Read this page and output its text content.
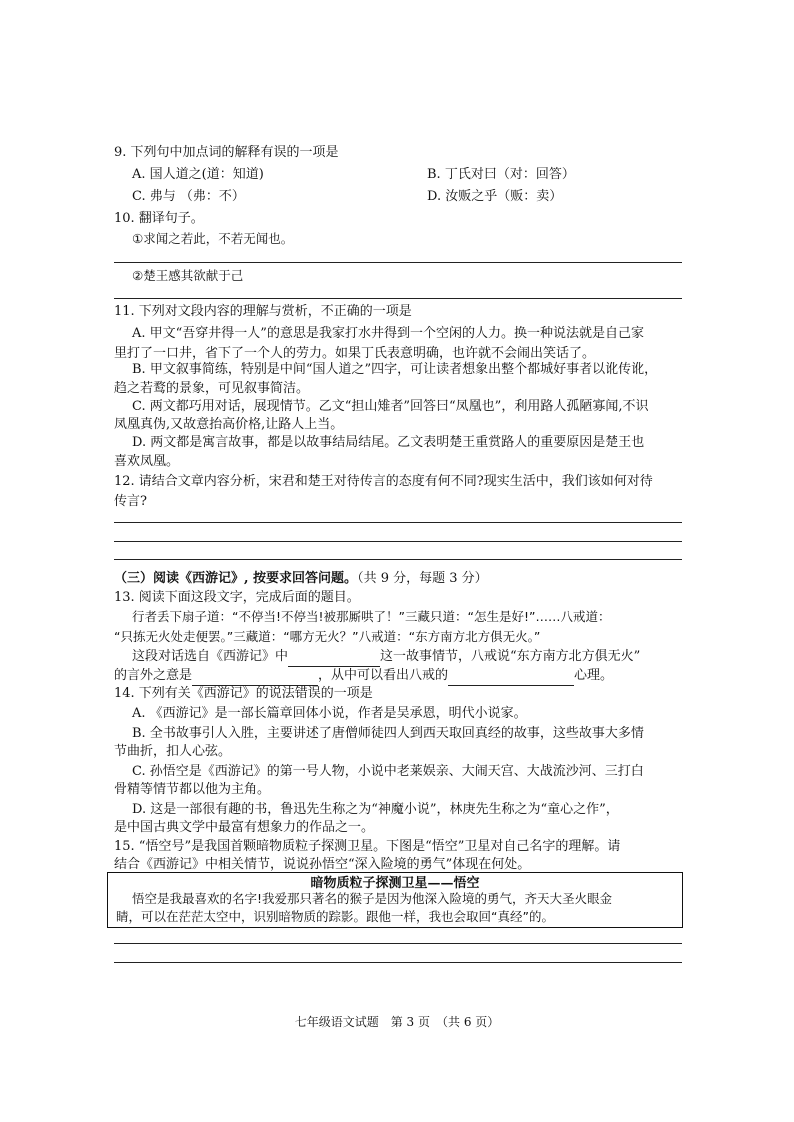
9. 下列句中加点词的解释有误的一项是
A. 国人道之(道：知道)	B. 丁氏对曰（对：回答）
C. 弗与 （弗：不）	D. 汝贩之乎（贩：卖）
10. 翻译句子。
①求闻之若此，不若无闻也。
②楚王感其欲献于己
11. 下列对文段内容的理解与赏析，不正确的一项是
A. 甲文“吾穿井得一人”的意思是我家打水井得到一个空闲的人力。换一种说法就是自己家
里打了一口井，省下了一个人的劳力。如果丁氏表意明确，也许就不会闹出笑话了。
B. 甲文叙事简练，特别是中间“国人道之”四字，可让读者想象出整个都城好事者以讹传讹，
趋之若鹜的景象，可见叙事简洁。
C. 两文都巧用对话，展现情节。乙文“担山雉者”回答曰“凤凰也”，利用路人孤陋寡闻,不识
凤凰真伪,又故意抬高价格,让路人上当。
D. 两文都是寓言故事，都是以故事结局结尾。乙文表明楚王重赏路人的重要原因是楚王也
喜欢凤凰。
12. 请结合文章内容分析，宋君和楚王对待传言的态度有何不同?现实生活中，我们该如何对待
传言?
（三）阅读《西游记》, 按要求回答问题。（共 9 分，每题 3 分）
13. 阅读下面这段文字，完成后面的题目。
行者丢下扇子道：“不停当!不停当!被那厮哄了！”三藏只道：“怎生是好!”……八戒道：
“只拣无火处走便罢。”三藏道：“哪方无火？”八戒道：“东方南方北方俱无火。”
这段对话选自《西游记》中	这一故事情节，八戒说“东方南方北方俱无火”
的言外之意是	，从中可以看出八戒的	心理。
14. 下列有关《西游记》的说法错误的一项是
A. 《西游记》是一部长篇章回体小说，作者是吴承恩，明代小说家。
B. 全书故事引人入胜，主要讲述了唐僧师徒四人到西天取回真经的故事，这些故事大多情
节曲折，扣人心弦。
C. 孙悟空是《西游记》的第一号人物，小说中老莱娱亲、大闹天宫、大战流沙河、三打白
骨精等情节都以他为主角。
D. 这是一部很有趣的书，鲁迅先生称之为“神魔小说”，林庚先生称之为“童心之作”，
是中国古典文学中最富有想象力的作品之一。
15. “悟空号”是我国首颗暗物质粒子探测卫星。下图是“悟空”卫星对自己名字的理解。请
结合《西游记》中相关情节，说说孙悟空“深入险境的勇气”体现在何处。
暗物质粒子探测卫星——悟空
悟空是我最喜欢的名字!我爱那只著名的猴子是因为他深入险境的勇气，齐天大圣火眼金
睛，可以在茫茫太空中，识别暗物质的踪影。跟他一样，我也会取回“真经”的。
七年级语文试题　第 3 页　（共 6 页）
